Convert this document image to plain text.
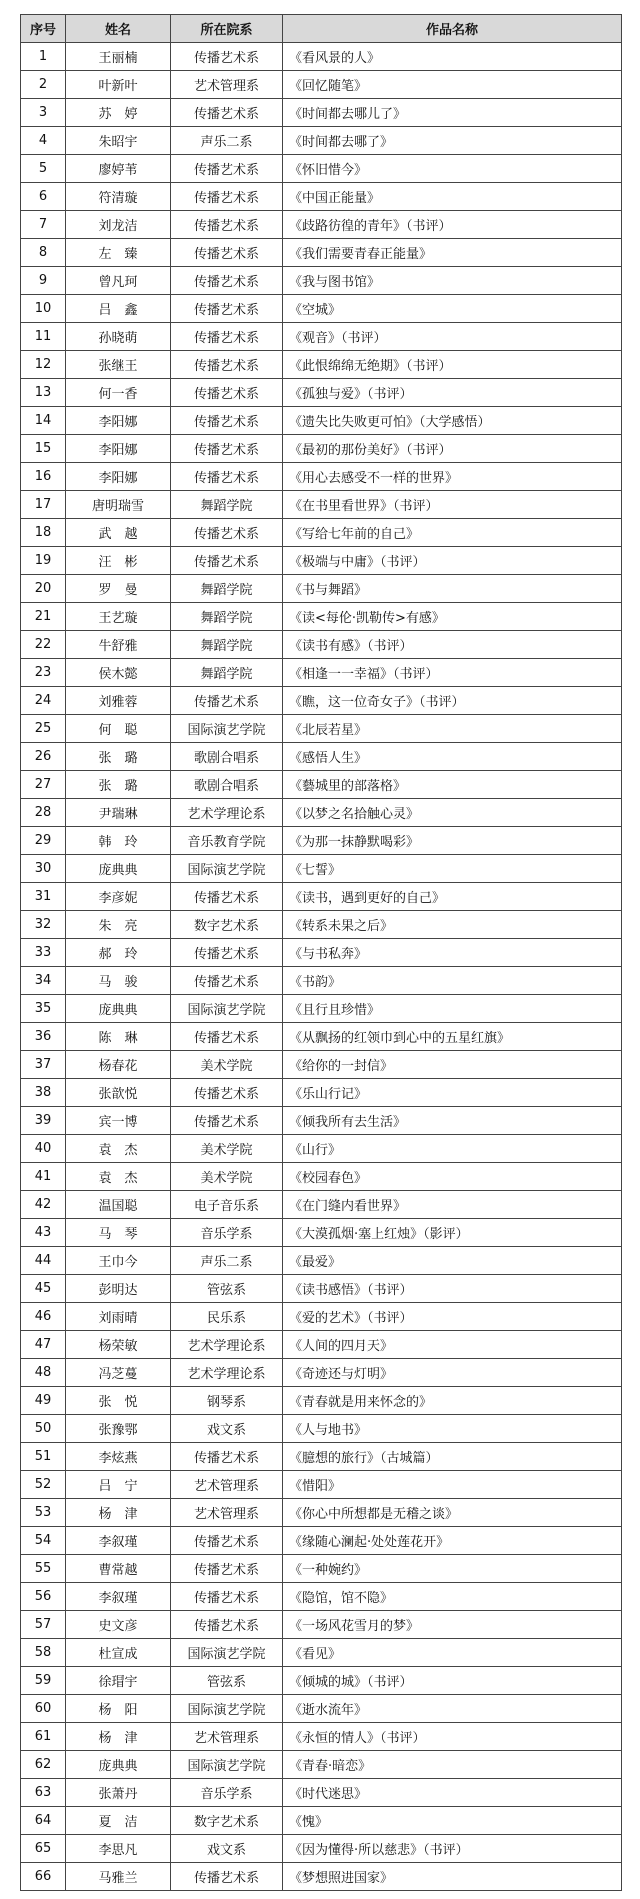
序号	姓名	所在院系	作品名称
1	王丽楠	传播艺术系	《看风景的人》
2	叶新叶	艺术管理系	《回忆随笔》
3	苏　婷	传播艺术系	《时间都去哪儿了》
4	朱昭宇	声乐二系	《时间都去哪了》
5	廖婷苇	传播艺术系	《怀旧惜今》
6	符清璇	传播艺术系	《中国正能量》
7	刘龙洁	传播艺术系	《歧路彷徨的青年》（书评）
8	左　臻	传播艺术系	《我们需要青春正能量》
9	曾凡珂	传播艺术系	《我与图书馆》
10	吕　鑫	传播艺术系	《空城》
11	孙晓萌	传播艺术系	《观音》（书评）
12	张继王	传播艺术系	《此恨绵绵无绝期》（书评）
13	何一香	传播艺术系	《孤独与爱》（书评）
14	李阳娜	传播艺术系	《遗失比失败更可怕》（大学感悟）
15	李阳娜	传播艺术系	《最初的那份美好》（书评）
16	李阳娜	传播艺术系	《用心去感受不一样的世界》
17	唐明瑞雪	舞蹈学院	《在书里看世界》（书评）
18	武　越	传播艺术系	《写给七年前的自己》
19	汪　彬	传播艺术系	《极端与中庸》（书评）
20	罗　曼	舞蹈学院	《书与舞蹈》
21	王艺璇	舞蹈学院	《读<每伦·凯勒传>有感》
22	牛舒雅	舞蹈学院	《读书有感》（书评）
23	侯木懿	舞蹈学院	《相逢一一幸福》（书评）
24	刘雅蓉	传播艺术系	《瞧，这一位奇女子》（书评）
25	何　聪	国际演艺学院	《北辰若星》
26	张　璐	歌剧合唱系	《感悟人生》
27	张　璐	歌剧合唱系	《藝城里的部落格》
28	尹瑞琳	艺术学理论系	《以梦之名拾触心灵》
29	韩　玲	音乐教育学院	《为那一抹静默喝彩》
30	庞典典	国际演艺学院	《七誓》
31	李彦妮	传播艺术系	《读书，遇到更好的自己》
32	朱　亮	数字艺术系	《转系未果之后》
33	郝　玲	传播艺术系	《与书私奔》
34	马　骏	传播艺术系	《书韵》
35	庞典典	国际演艺学院	《且行且珍惜》
36	陈　琳	传播艺术系	《从飘扬的红领巾到心中的五星红旗》
37	杨春花	美术学院	《给你的一封信》
38	张歆悦	传播艺术系	《乐山行记》
39	宾一博	传播艺术系	《倾我所有去生活》
40	袁　杰	美术学院	《山行》
41	袁　杰	美术学院	《校园春色》
42	温国聪	电子音乐系	《在门缝内看世界》
43	马　琴	音乐学系	《大漠孤烟·塞上红烛》（影评）
44	王巾今	声乐二系	《最爱》
45	彭明达	管弦系	《读书感悟》（书评）
46	刘雨晴	民乐系	《爱的艺术》（书评）
47	杨荣敏	艺术学理论系	《人间的四月天》
48	冯芝蔓	艺术学理论系	《奇迹还与灯明》
49	张　悦	钢琴系	《青春就是用来怀念的》
50	张豫鄂	戏文系	《人与地书》
51	李炫燕	传播艺术系	《臆想的旅行》（古城篇）
52	吕　宁	艺术管理系	《惜阳》
53	杨　津	艺术管理系	《你心中所想都是无稽之谈》
54	李叙瑾	传播艺术系	《缘随心澜起·处处莲花开》
55	曹常越	传播艺术系	《一种婉约》
56	李叙瑾	传播艺术系	《隐馆，馆不隐》
57	史文彦	传播艺术系	《一场风花雪月的梦》
58	杜宣成	国际演艺学院	《看见》
59	徐瑁宇	管弦系	《倾城的城》（书评）
60	杨　阳	国际演艺学院	《逝水流年》
61	杨　津	艺术管理系	《永恒的情人》（书评）
62	庞典典	国际演艺学院	《青春·暗恋》
63	张萧丹	音乐学系	《时代迷思》
64	夏　洁	数字艺术系	《愧》
65	李思凡	戏文系	《因为懂得·所以慈悲》（书评）
66	马雅兰	传播艺术系	《梦想照进国家》
